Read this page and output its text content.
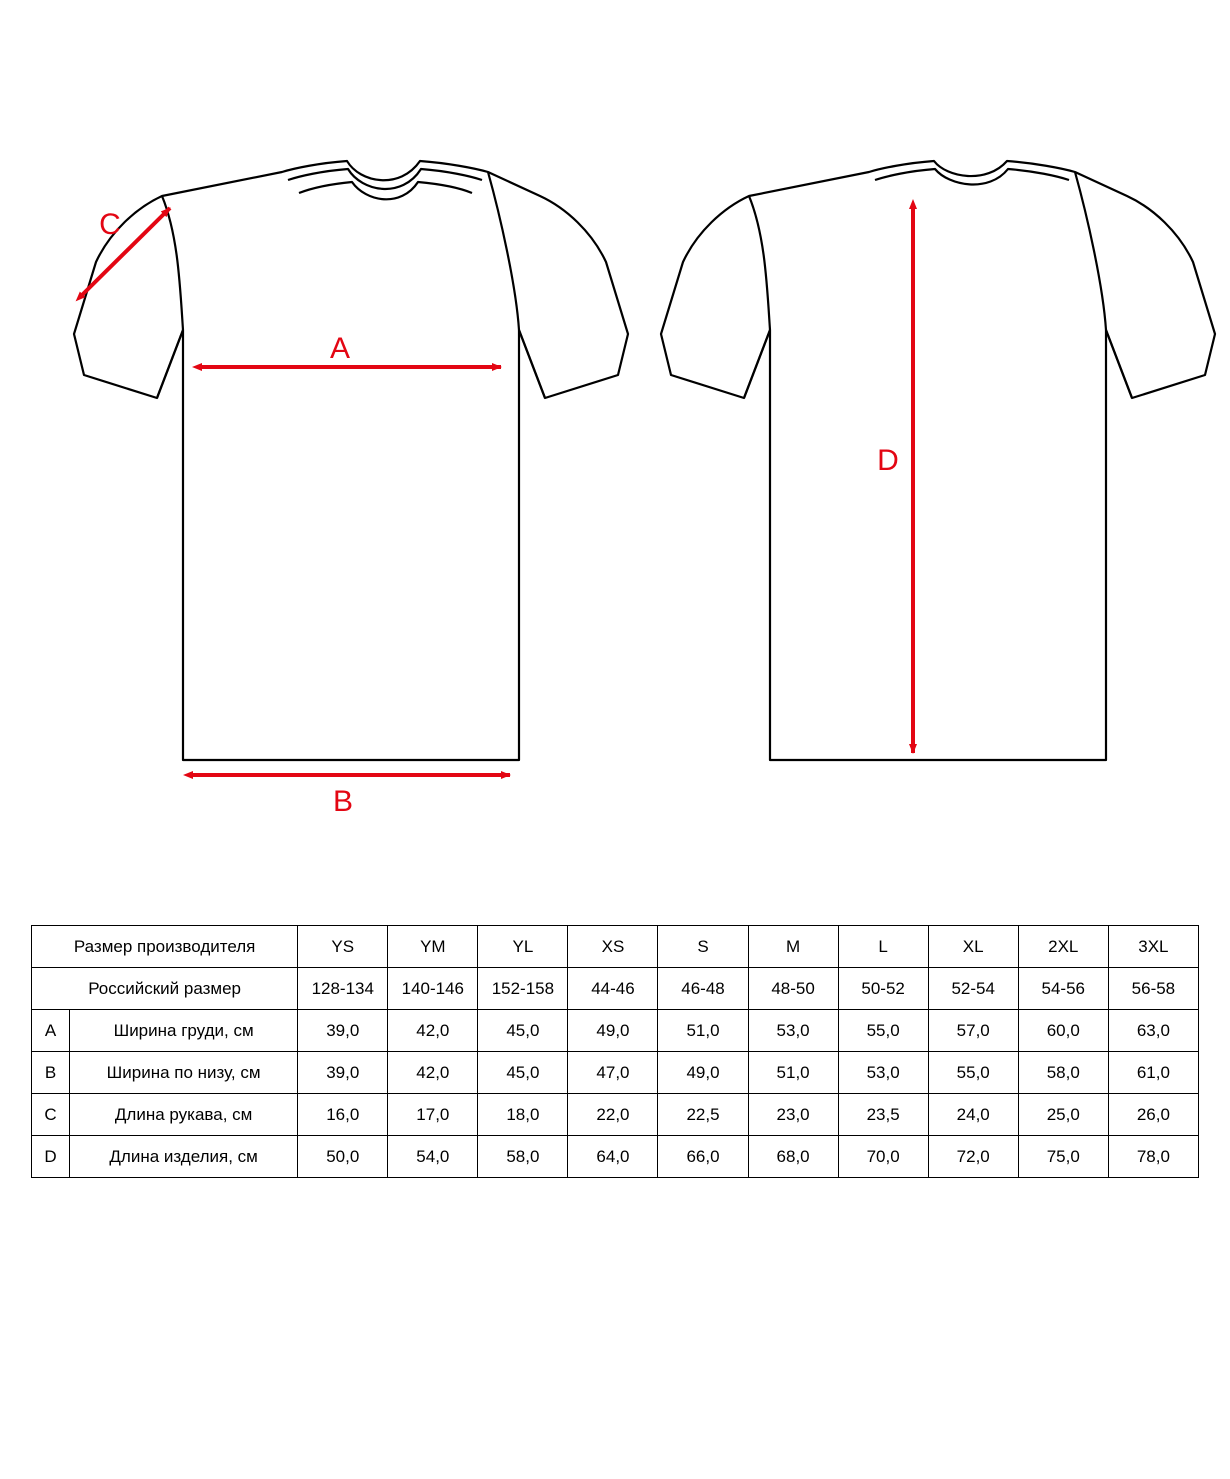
A
B
C
D
Размер производителя		YS	YM	YL	XS	S	M	L	XL	2XL	3XL
Российский размер		128-134	140-146	152-158	44-46	46-48	48-50	50-52	52-54	54-56	56-58
A	Ширина груди, см	39,0	42,0	45,0	49,0	51,0	53,0	55,0	57,0	60,0	63,0
B	Ширина по низу, см	39,0	42,0	45,0	47,0	49,0	51,0	53,0	55,0	58,0	61,0
C	Длина рукава, см	16,0	17,0	18,0	22,0	22,5	23,0	23,5	24,0	25,0	26,0
D	Длина изделия, см	50,0	54,0	58,0	64,0	66,0	68,0	70,0	72,0	75,0	78,0
